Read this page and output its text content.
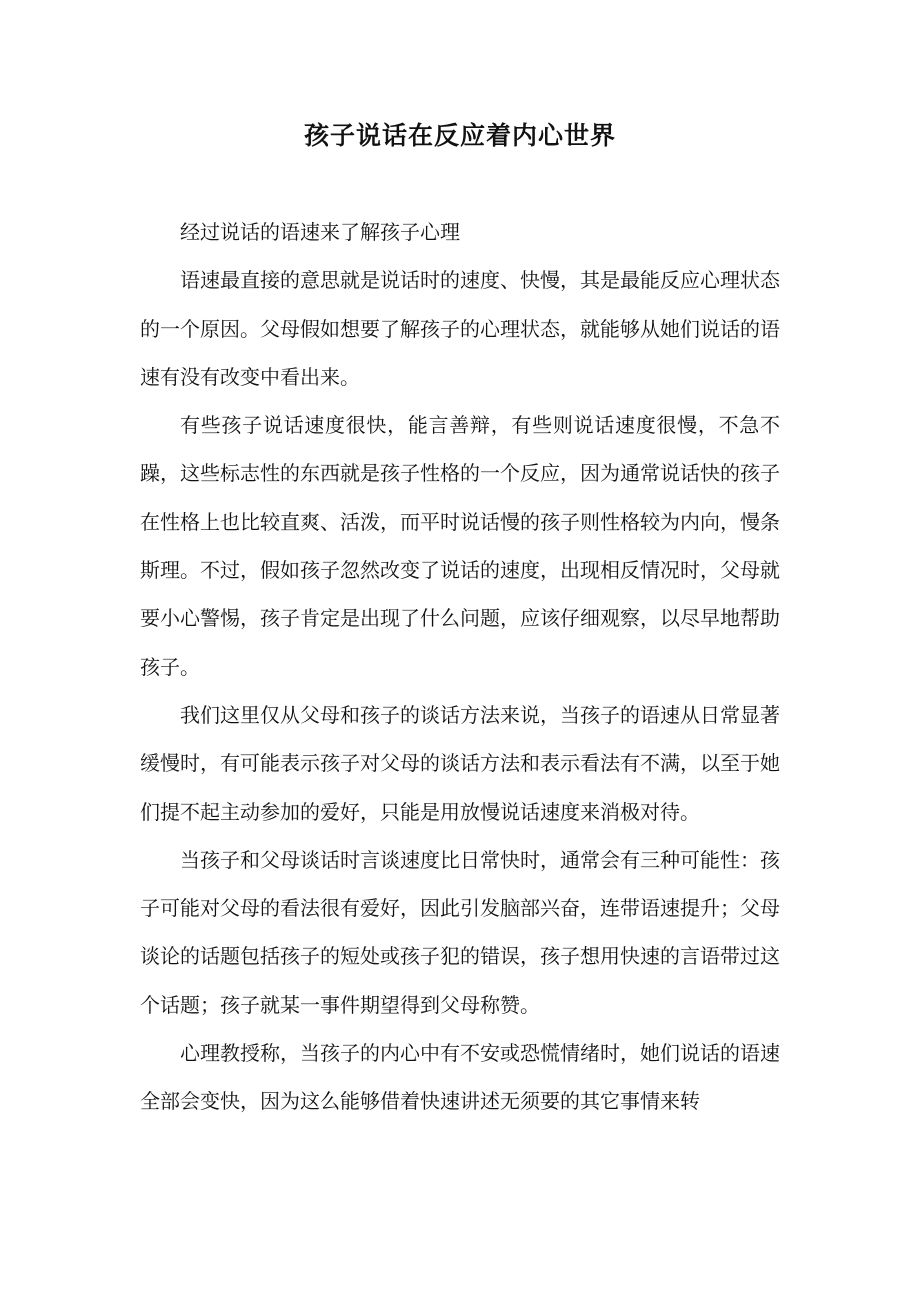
孩子说话在反应着内心世界

经过说话的语速来了解孩子心理

语速最直接的意思就是说话时的速度、快慢，其是最能反应心理状态的一个原因。父母假如想要了解孩子的心理状态，就能够从她们说话的语速有没有改变中看出来。

有些孩子说话速度很快，能言善辩，有些则说话速度很慢，不急不躁，这些标志性的东西就是孩子性格的一个反应，因为通常说话快的孩子在性格上也比较直爽、活泼，而平时说话慢的孩子则性格较为内向，慢条斯理。不过，假如孩子忽然改变了说话的速度，出现相反情况时，父母就要小心警惕，孩子肯定是出现了什么问题，应该仔细观察，以尽早地帮助孩子。

我们这里仅从父母和孩子的谈话方法来说，当孩子的语速从日常显著缓慢时，有可能表示孩子对父母的谈话方法和表示看法有不满，以至于她们提不起主动参加的爱好，只能是用放慢说话速度来消极对待。

当孩子和父母谈话时言谈速度比日常快时，通常会有三种可能性：孩子可能对父母的看法很有爱好，因此引发脑部兴奋，连带语速提升；父母谈论的话题包括孩子的短处或孩子犯的错误，孩子想用快速的言语带过这个话题；孩子就某一事件期望得到父母称赞。

心理教授称，当孩子的内心中有不安或恐慌情绪时，她们说话的语速全部会变快，因为这么能够借着快速讲述无须要的其它事情来转
